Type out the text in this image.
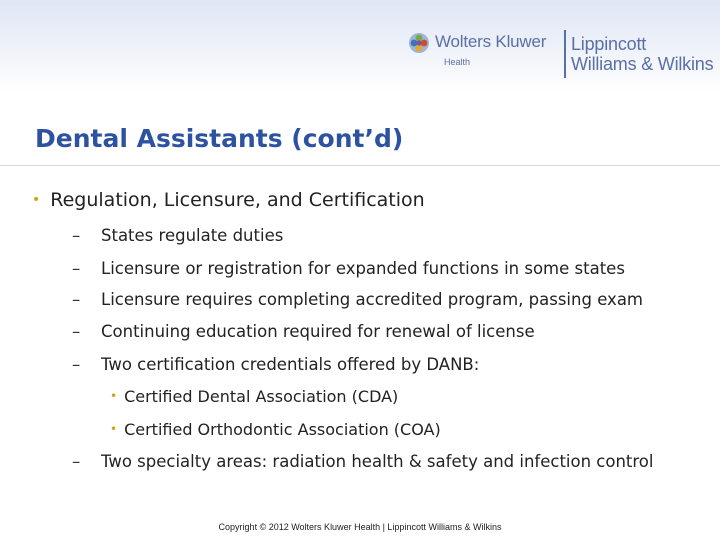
Wolters Kluwer
Health
Lippincott
Williams & Wilkins
Dental Assistants (cont’d)
• Regulation, Licensure, and Certification
– States regulate duties
– Licensure or registration for expanded functions in some states
– Licensure requires completing accredited program, passing exam
– Continuing education required for renewal of license
– Two certification credentials offered by DANB:
• Certified Dental Association (CDA)
• Certified Orthodontic Association (COA)
– Two specialty areas: radiation health & safety and infection control
Copyright © 2012 Wolters Kluwer Health | Lippincott Williams & Wilkins
